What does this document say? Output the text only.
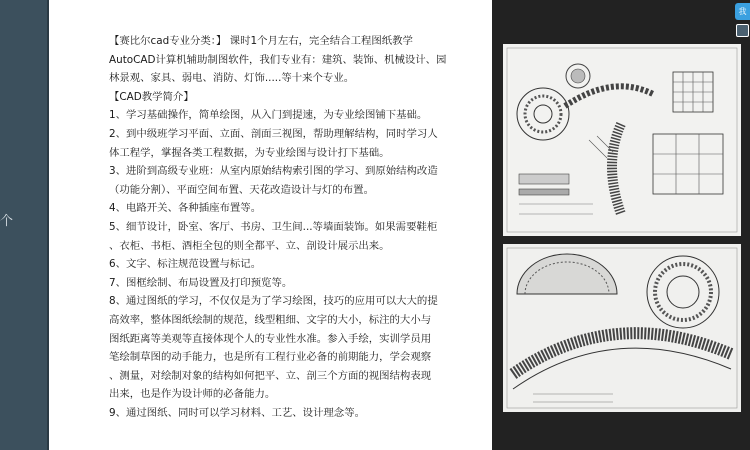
个

【赛比尔cad专业分类：】 课时1个月左右，完全结合工程图纸教学

AutoCAD计算机辅助制图软件，我们专业有：建筑、装饰、机械设计、园

林景观、家具、弱电、消防、灯饰.....等十来个专业。

【CAD教学简介】

1、学习基础操作，简单绘图，从入门到提速，为专业绘图铺下基础。

2、到中级班学习平面、立面、剖面三视图，帮助理解结构，同时学习人

体工程学，掌握各类工程数据，为专业绘图与设计打下基础。

3、进阶到高级专业班：从室内原始结构索引图的学习、到原始结构改造

（功能分割）、平面空间布置、天花改造设计与灯的布置。

4、电路开关、各种插座布置等。

5、细节设计，卧室、客厅、书房、卫生间...等墙面装饰。如果需要鞋柜

、衣柜、书柜、酒柜全包的则全都平、立、剖设计展示出来。

6、文字、标注规范设置与标记。

7、图框绘制、布局设置及打印预览等。

8、通过图纸的学习，不仅仅是为了学习绘图，技巧的应用可以大大的提

高效率，整体图纸绘制的规范，线型粗细、文字的大小，标注的大小与

图纸距离等美观等直接体现个人的专业性水准。参入手绘，实训学员用

笔绘制草图的动手能力，也是所有工程行业必备的前期能力，学会观察

、测量，对绘制对象的结构如何把平、立、剖三个方面的视图结构表现

出来，也是作为设计师的必备能力。

9、通过图纸、同时可以学习材料、工艺、设计理念等。

我
